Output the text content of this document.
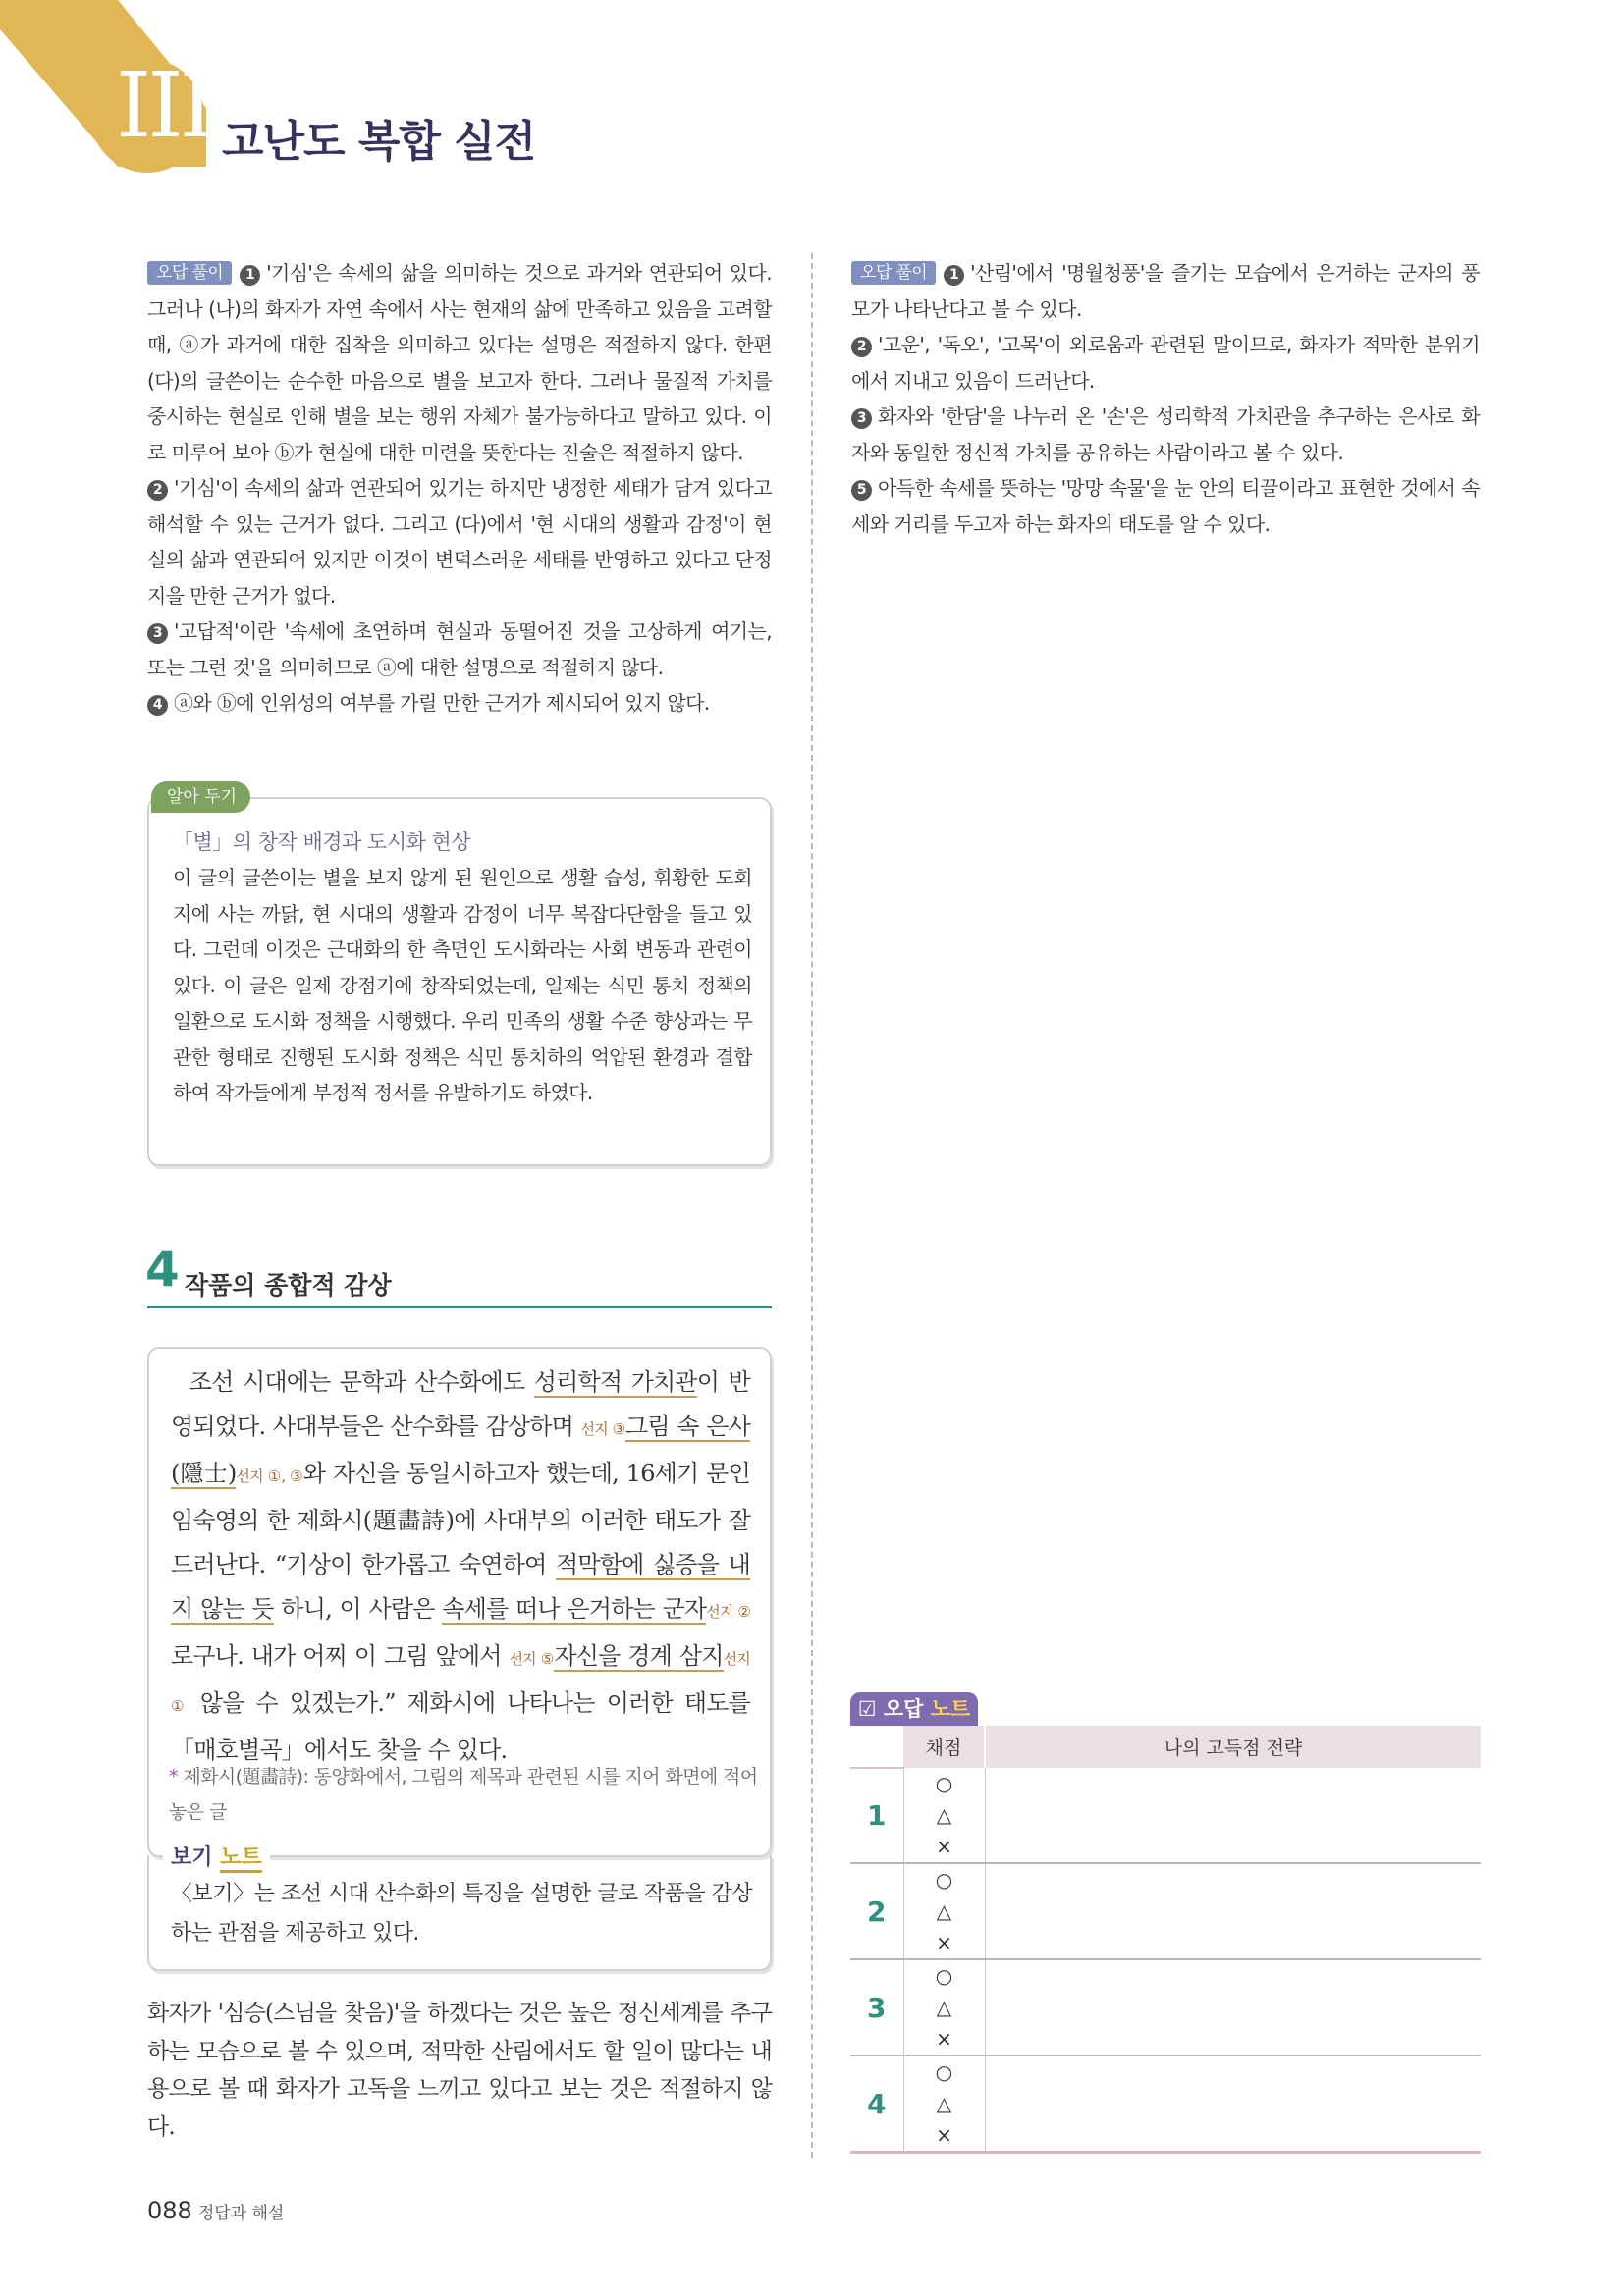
III 고난도 복합 실전

오답 풀이 1 '기심'은 속세의 삶을 의미하는 것으로 과거와 연관되어 있다. 그러나 (나)의 화자가 자연 속에서 사는 현재의 삶에 만족하고 있음을 고려할 때, ⓐ가 과거에 대한 집착을 의미하고 있다는 설명은 적절하지 않다. 한편 (다)의 글쓴이는 순수한 마음으로 별을 보고자 한다. 그러나 물질적 가치를 중시하는 현실로 인해 별을 보는 행위 자체가 불가능하다고 말하고 있다. 이로 미루어 보아 ⓑ가 현실에 대한 미련을 뜻한다는 진술은 적절하지 않다.

2 '기심'이 속세의 삶과 연관되어 있기는 하지만 냉정한 세태가 담겨 있다고 해석할 수 있는 근거가 없다. 그리고 (다)에서 '현 시대의 생활과 감정'이 현실의 삶과 연관되어 있지만 이것이 변덕스러운 세태를 반영하고 있다고 단정 지을 만한 근거가 없다.

3 '고답적'이란 '속세에 초연하며 현실과 동떨어진 것을 고상하게 여기는, 또는 그런 것'을 의미하므로 ⓐ에 대한 설명으로 적절하지 않다.

4 ⓐ와 ⓑ에 인위성의 여부를 가릴 만한 근거가 제시되어 있지 않다.

알아 두기
「별」의 창작 배경과 도시화 현상

이 글의 글쓴이는 별을 보지 않게 된 원인으로 생활 습성, 휘황한 도회지에 사는 까닭, 현 시대의 생활과 감정이 너무 복잡다단함을 들고 있다. 그런데 이것은 근대화의 한 측면인 도시화라는 사회 변동과 관련이 있다. 이 글은 일제 강점기에 창작되었는데, 일제는 식민 통치 정책의 일환으로 도시화 정책을 시행했다. 우리 민족의 생활 수준 향상과는 무관한 형태로 진행된 도시화 정책은 식민 통치하의 억압된 환경과 결합하여 작가들에게 부정적 정서를 유발하기도 하였다.

4 작품의 종합적 감상

조선 시대에는 문학과 산수화에도 성리학적 가치관이 반영되었다. 사대부들은 산수화를 감상하며 선지 ③그림 속 은사(隱士)선지 ①, ③와 자신을 동일시하고자 했는데, 16세기 문인 임숙영의 한 제화시(題畵詩)에 사대부의 이러한 태도가 잘 드러난다. “기상이 한가롭고 숙연하여 적막함에 싫증을 내지 않는 듯 하니, 이 사람은 속세를 떠나 은거하는 군자선지 ②로구나. 내가 어찌 이 그림 앞에서 선지 ⑤자신을 경계 삼지선지 ① 않을 수 있겠는가.” 제화시에 나타나는 이러한 태도를 「매호별곡」에서도 찾을 수 있다.

* 제화시(題畵詩): 동양화에서, 그림의 제목과 관련된 시를 지어 화면에 적어 놓은 글
보기 노트

〈보기〉는 조선 시대 산수화의 특징을 설명한 글로 작품을 감상하는 관점을 제공하고 있다.

화자가 '심승(스님을 찾음)'을 하겠다는 것은 높은 정신세계를 추구하는 모습으로 볼 수 있으며, 적막한 산림에서도 할 일이 많다는 내용으로 볼 때 화자가 고독을 느끼고 있다고 보는 것은 적절하지 않다.

오답 풀이 1 '산림'에서 '명월청풍'을 즐기는 모습에서 은거하는 군자의 풍모가 나타난다고 볼 수 있다.

2 '고운', '독오', '고목'이 외로움과 관련된 말이므로, 화자가 적막한 분위기에서 지내고 있음이 드러난다.

3 화자와 '한담'을 나누러 온 '손'은 성리학적 가치관을 추구하는 은사로 화자와 동일한 정신적 가치를 공유하는 사람이라고 볼 수 있다.

5 아득한 속세를 뜻하는 '망망 속물'을 눈 안의 티끌이라고 표현한 것에서 속세와 거리를 두고자 하는 화자의 태도를 알 수 있다.

☑ 오답 노트
	채점	나의 고득점 전략
1	○
△
×	

2	○
△
×	

3	○
△
×	

4	○
△
×	

088 정답과 해설
